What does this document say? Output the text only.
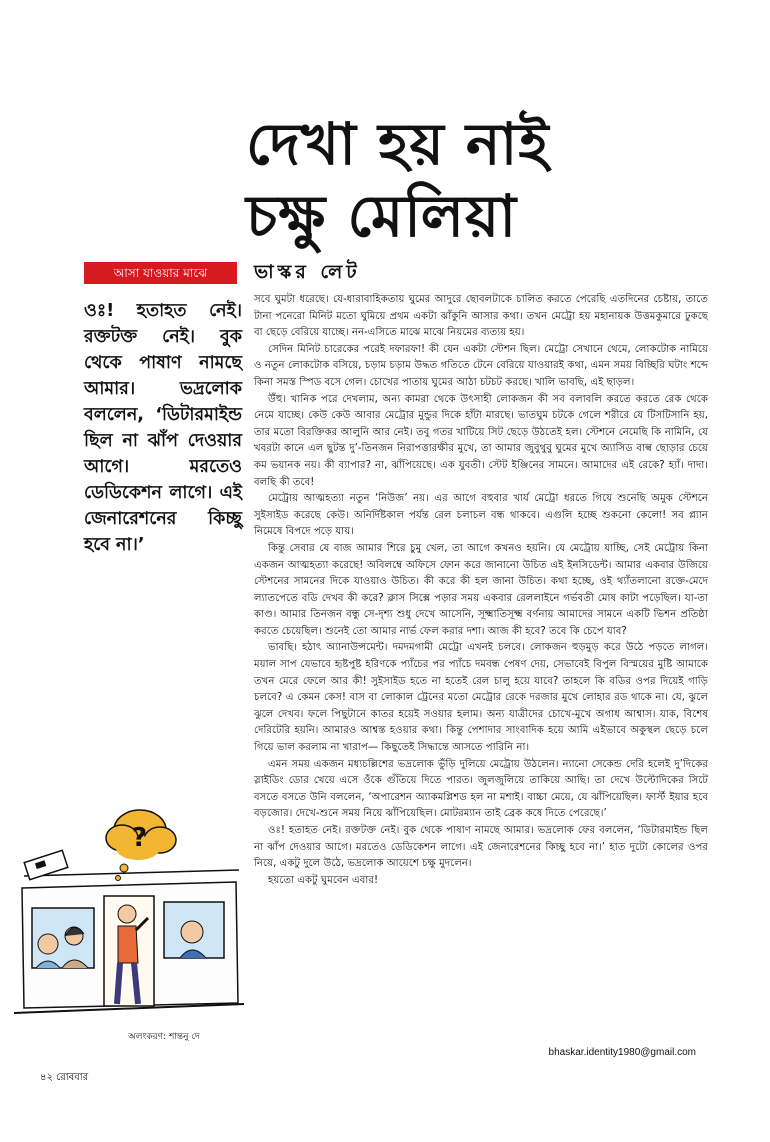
দেখা হয় নাই
চক্ষু মেলিয়া
ভাস্কর লেট
আসা যাওয়ার মাঝে
ওঃ! হতাহত নেই। রক্তটক্ত নেই। বুক থেকে পাষাণ নামছে আমার। ভদ্রলোক বললেন, ‘ডিটারমাইন্ড ছিল না ঝাঁপ দেওয়ার আগে। মরতেও ডেডিকেশন লাগে। এই জেনারেশনের কিচ্ছু হবে না।’

সবে ঘুমটা ধরেছে। যে-ধারাবাহিকতায় ঘুমের আদুরে ছোবলটাকে চালিত করতে পেরেছি এতদিনের চেষ্টায়, তাতে টানা পনেরো মিনিট মতো ঘুমিয়ে প্রথম একটা ঝাঁকুনি আসার কথা। তখন মেট্রো হয় মহানায়ক উত্তমকুমারে ঢুকছে বা ছেড়ে বেরিয়ে যাচ্ছে। নন-এসিতে মাঝে মাঝে নিয়মের ব্যত্যয় হয়।

সেদিন মিনিট চারেকের পরেই দফারফা! কী যেন একটা স্টেশন ছিল। মেট্রো সেখানে থেমে, লোকটোক নামিয়ে ও নতুন লোকটোক বসিয়ে, চড়াম চড়াম উদ্ধত গতিতে টেনে বেরিয়ে যাওয়ারই কথা, এমন সময় বিচ্ছিরি ঘটাং শব্দে কিনা সমস্ত স্পিড বসে গেল। চোখের পাতায় ঘুমের আঠা চটচট করছে। খালি ভাবছি, এই ছাড়ল।

উঁহু। খানিক পরে দেখলাম, অন্য কামরা থেকে উৎসাহী লোকজন কী সব বলাবলি করতে করতে রেক থেকে নেমে যাচ্ছে। কেউ কেউ আবার মেট্রোর মুন্ডুর দিকে হাঁটা মারছে। ভাতঘুম চটকে গেলে শরীরে যে টিসটিসানি হয়, তার মতো বিরক্তিকর আলুনি আর নেই। তবু গতর খাটিয়ে সিট ছেড়ে উঠতেই হল। স্টেশনে নেমেছি কি নামিনি, যে খবরটা কানে এল ছুটন্ত দু’-তিনজন নিরাপত্তারক্ষীর মুখে, তা আমার জুবুথুবু ঘুমের মুখে অ্যাসিড বাল্ব ছোড়ার চেয়ে কম ভয়ানক নয়। কী ব্যাপার? না, ঝাঁপিয়েছে। এক যুবতী। স্টেট ইঞ্জিনের সামনে। আমাদের এই রেকে? হ্যাঁ। দাদা। বলছি কী তবে!

মেট্রোয় আত্মহত্যা নতুন ‘নিউজ’ নয়। এর আগে বহুবার খার্য মেট্রো ধরতে গিয়ে শুনেছি অমুক স্টেশনে সুইসাইড করেছে কেউ। অনির্দিষ্টকাল পর্যন্ত রেল চলাচল বন্ধ থাকবে। এগুলি হচ্ছে শুকনো কেলো! সব প্ল্যান নিমেষে বিপদে পড়ে যায়।

কিন্তু সেবার যে বাজ আমার শিরে চুমু খেল, তা আগে কখনও হয়নি। যে মেট্রোয় যাচ্ছি, সেই মেট্রোয় কিনা একজন আত্মহত্যা করেছে! অবিলম্বে অফিসে ফোন করে জানানো উচিত এই ইনসিডেন্ট। আমার একবার উজিয়ে স্টেশনের সামনের দিকে যাওয়াও উচিত। কী করে কী হল জানা উচিত। কথা হচ্ছে, ওই থ্যাঁতলানো রক্তে-মেদে ল্যাতপেতে বডি দেখব কী করে? ক্লাস সিক্সে পড়ার সময় একবার রেললাইনে গর্ভবতী মোষ কাটা পড়েছিল। যা-তা কাণ্ড। আমার তিনজন বন্ধু সে-দৃশ্য শুধু দেখে আসেনি, সূক্ষ্মাতিসূক্ষ্ম বর্ণনায় আমাদের সামনে একটি ভিশন প্রতিষ্ঠা করতে চেয়েছিল। শুনেই তো আমার নার্ভ ফেল করার দশা। আজ কী হবে? তবে কি চেপে যাব?

ভাবছি। হঠাৎ অ্যানাউন্সমেন্ট। দমদমগামী মেট্রো এখনই চলবে। লোকজন হুড়মুড় করে উঠে পড়তে লাগল। ময়াল সাপ যেভাবে হৃষ্টপুষ্ট হরিণকে প্যাঁচের পর প্যাঁচে দমবন্ধ পেষণ দেয়, সেভাবেই বিপুল বিস্ময়ের মুষ্টি আমাকে তখন মেরে ফেলে আর কী! সুইসাইড হতে না হতেই রেল চালু হয়ে যাবে? তাহলে কি বডির ওপর দিয়েই গাড়ি চলবে? এ কেমন কেস! বাস বা লোকাল ট্রেনের মতো মেট্রোর রেকে দরজার মুখে লোহার রড থাকে না। যে, ঝুলে ঝুলে দেখব। ফলে পিছুটানে কাতর হয়েই সওয়ার হলাম। অন্য যাত্রীদের চোখে-মুখে অগাধ আশ্বাস। যাক, বিশেষ দেরিটেরি হয়নি। আমারও আশ্বস্ত হওয়ার কথা। কিন্তু পেশাদার সাংবাদিক হয়ে আমি এইভাবে অকুস্থল ছেড়ে চলে গিয়ে ভাল করলাম না খারাপ— কিছুতেই সিদ্ধান্তে আসতে পারিনি না।

এমন সময় একজন মধ্যচল্লিশের ভদ্রলোক ভুঁড়ি দুলিয়ে মেট্রোয় উঠলেন। ন্যানো সেকেন্ড দেরি হলেই দু’দিকের স্লাইডিং ডোর খেয়ে এসে ওঁকে গুঁতিয়ে দিতে পারত। জুলজুলিয়ে তাকিয়ে আছি। তা দেখে উল্টোদিকের সিটে বসতে বসতে উনি বললেন, ‘অপারেশন অ্যাকমপ্লিশড হল না মশাই। বাচ্চা মেয়ে, যে ঝাঁপিয়েছিল। ফার্স্ট ইয়ার হবে বড়জোর। দেখে-শুনে সময় নিয়ে ঝাঁপিয়েছিল। মোটরম্যান তাই ব্রেক কষে দিতে পেরেছে।’

ওঃ! হতাহত নেই। রক্তটক্ত নেই। বুক থেকে পাষাণ নামছে আমার। ভদ্রলোক ফের বললেন, ‘ডিটারমাইন্ড ছিল না ঝাঁপ দেওয়ার আগে। মরতেও ডেডিকেশন লাগে। এই জেনারেশনের কিচ্ছু হবে না।’ হাত দুটো কোলের ওপর নিয়ে, একটু দুলে উঠে, ভদ্রলোক আয়েশে চক্ষু মুদলেন।

হয়তো একটু ঘুমবেন এবার!

?
অলংকরণ: শান্তনু দে
bhaskar.identity1980@gmail.com
৪২ রোববার
